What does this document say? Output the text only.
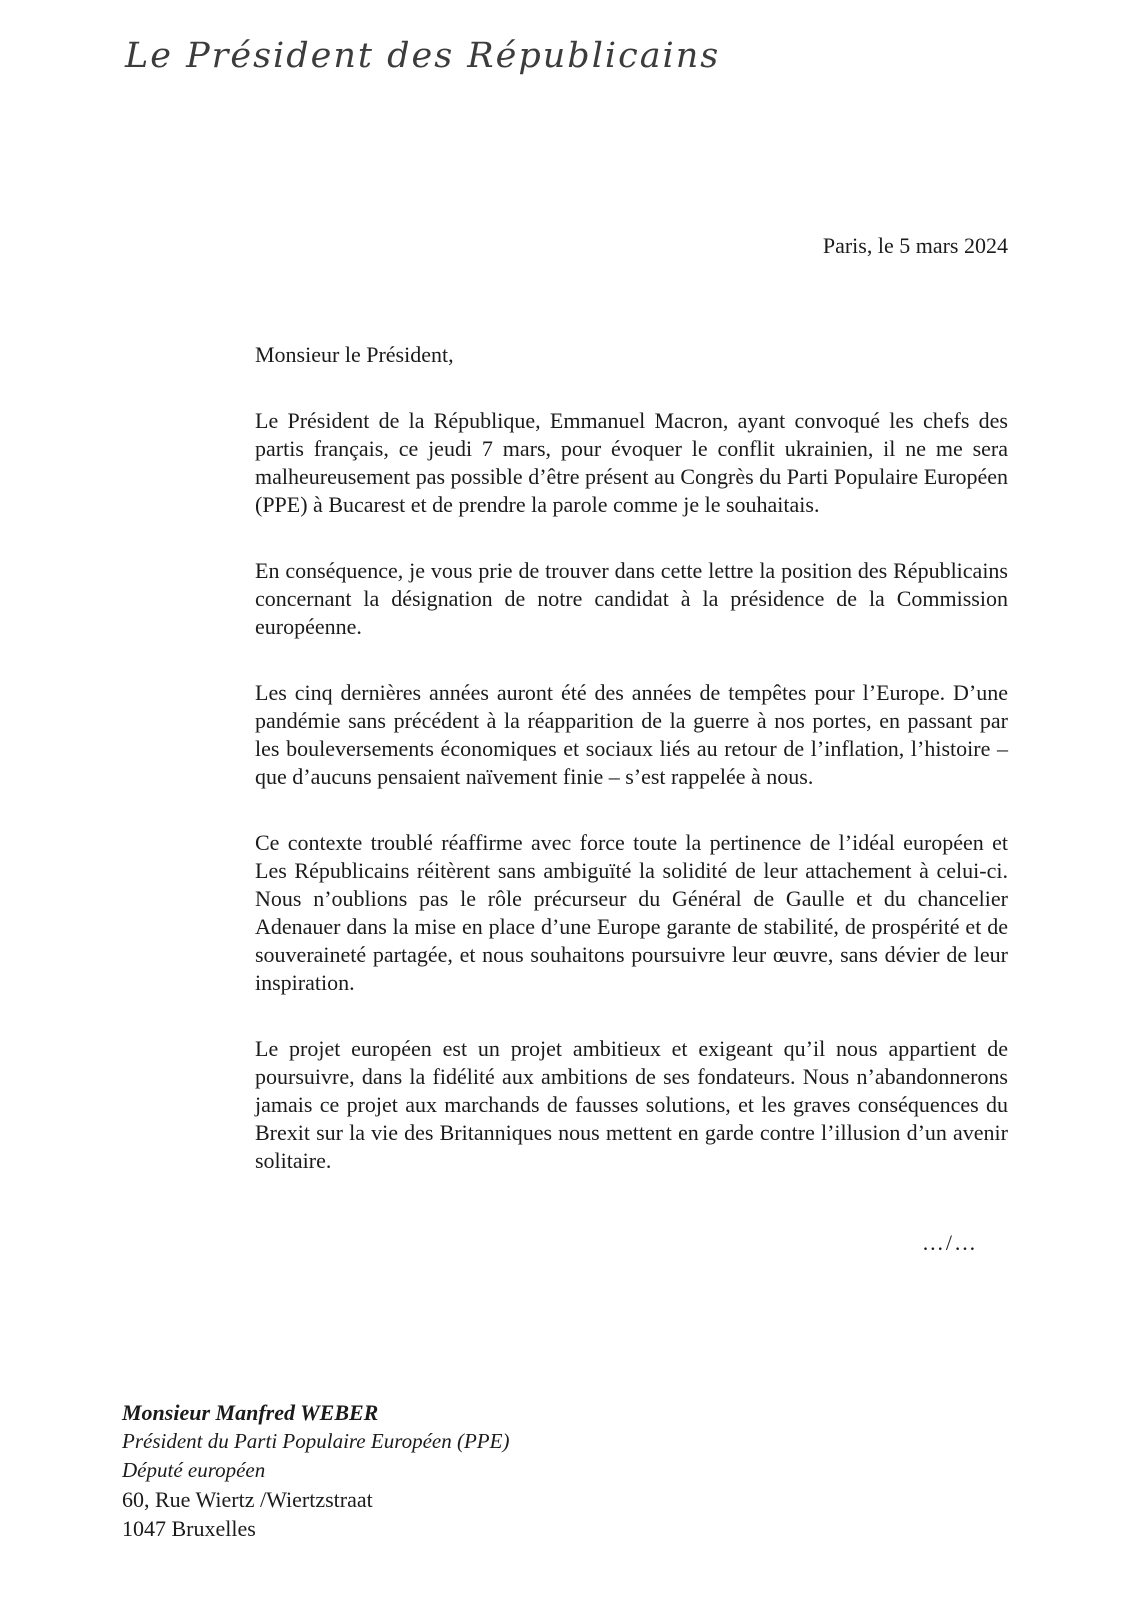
Le Président des Républicains
Paris, le 5 mars 2024
Monsieur le Président,

Le Président de la République, Emmanuel Macron, ayant convoqué les chefs des partis français, ce jeudi 7 mars, pour évoquer le conflit ukrainien, il ne me sera malheureusement pas possible d’être présent au Congrès du Parti Populaire Européen (PPE) à Bucarest et de prendre la parole comme je le souhaitais.

En conséquence, je vous prie de trouver dans cette lettre la position des Républicains concernant la désignation de notre candidat à la présidence de la Commission européenne.

Les cinq dernières années auront été des années de tempêtes pour l’Europe. D’une pandémie sans précédent à la réapparition de la guerre à nos portes, en passant par les bouleversements économiques et sociaux liés au retour de l’inflation, l’histoire – que d’aucuns pensaient naïvement finie – s’est rappelée à nous.

Ce contexte troublé réaffirme avec force toute la pertinence de l’idéal européen et Les Républicains réitèrent sans ambiguïté la solidité de leur attachement à celui-ci. Nous n’oublions pas le rôle précurseur du Général de Gaulle et du chancelier Adenauer dans la mise en place d’une Europe garante de stabilité, de prospérité et de souveraineté partagée, et nous souhaitons poursuivre leur œuvre, sans dévier de leur inspiration.

Le projet européen est un projet ambitieux et exigeant qu’il nous appartient de poursuivre, dans la fidélité aux ambitions de ses fondateurs. Nous n’abandonnerons jamais ce projet aux marchands de fausses solutions, et les graves conséquences du Brexit sur la vie des Britanniques nous mettent en garde contre l’illusion d’un avenir solitaire.

…/…
Monsieur Manfred WEBER
Président du Parti Populaire Européen (PPE)
Député européen
60, Rue Wiertz /Wiertzstraat
1047 Bruxelles
